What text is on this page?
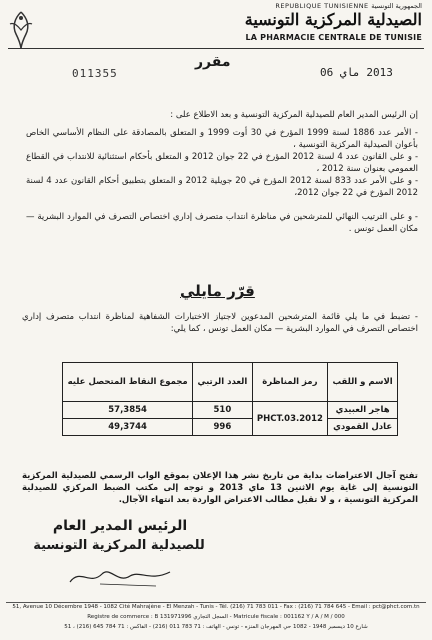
REPUBLIQUE TUNISIENNE الجمهورية التونسية
الصيدلية المركزية التونسية
LA PHARMACIE CENTRALE DE TUNISIE
مقرر
011355	2013 ماي 06
إن الرئيس المدير العام للصيدلية المركزية التونسية و بعد الاطلاع على :
- الأمر عدد 1886 لسنة 1999 المؤرخ في 30 أوت 1999 و المتعلق بالمصادقة على النظام الأساسي الخاص بأعوان الصيدلية المركزية التونسية ،
- و على القانون عدد 4 لسنة 2012 المؤرخ في 22 جوان 2012 و المتعلق بأحكام استثنائية للانتداب في القطاع العمومي بعنوان سنة 2012 ،
- و على الأمر عدد 833 لسنة 2012 المؤرخ في 20 جويلية 2012 و المتعلق بتطبيق أحكام القانون عدد 4 لسنة 2012 المؤرخ في 22 جوان 2012،
- و على الترتيب النهائي للمترشحين في مناظرة انتداب متصرف إداري اختصاص التصرف في الموارد البشرية — مكان العمل تونس .
قرّر مايلي
- تضبط في ما يلي قائمة المترشحين المدعوين لاجتياز الاختبارات الشفاهية لمناظرة انتداب متصرف إداري اختصاص التصرف في الموارد البشرية — مكان العمل تونس ، كما يلي:
الاسم و اللقب	رمز المناظرة	العدد الرتبي	مجموع النقاط المتحصل عليه
هاجر العبيدي	PHCT.03.2012	510	57,3854
عادل القمودي		996	49,3744
تفتح آجال الاعتراضات بداية من تاريخ نشر هذا الإعلان بموقع الواب الرسمي للصيدلية المركزية التونسية إلى غاية يوم الاثنين 13 ماي 2013 و توجه إلى مكتب الضبط المركزي للصيدلية المركزية التونسية ، و لا تقبل مطالب الاعتراض الواردة بعد انتهاء الآجال.
الرئيس المدير العام
للصيدلية المركزية التونسية
51 ، شارع 10 ديسمبر 1948 - 1082 حي المهرجان المنزه - تونس - الهاتف : 71 783 011 (216) - الفاكس : 71 784 645 (216)
51, Avenue 10 Décembre 1948 - 1082 Cité Mahrajène - El Menzah - Tunis - Tél. (216) 71 783 011 - Fax : (216) 71 784 645 - Email : pct@phct.com.tn
Registre de commerce : B 131971996 السجل التجاري - Matricule fiscale : 001162 Y / A / M / 000
